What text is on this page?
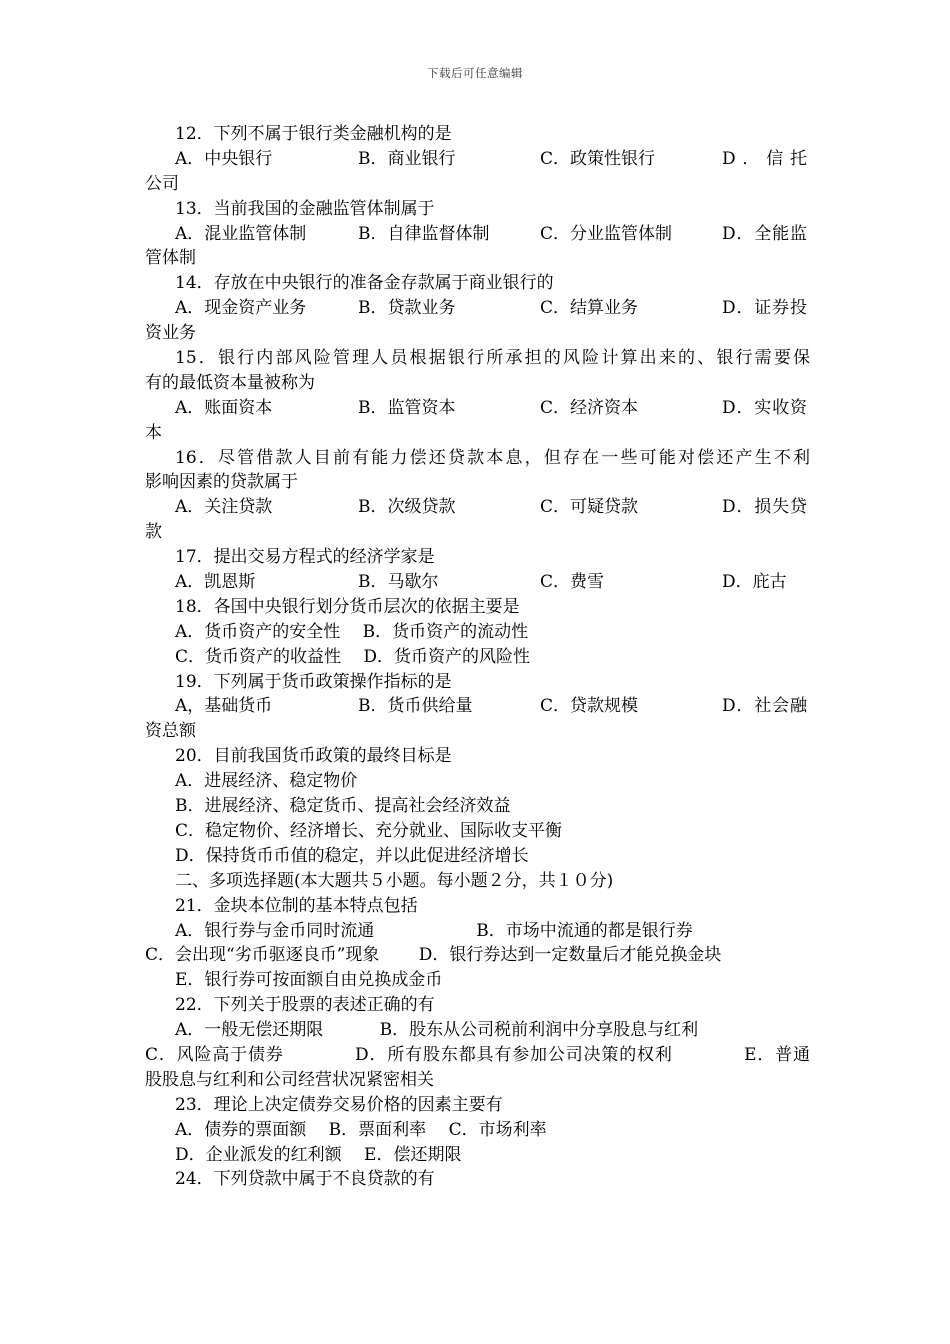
下载后可任意编辑
12．下列不属于银行类金融机构的是
A．中央银行	B．商业银行	C．政策性银行	D．信托
公司
13．当前我国的金融监管体制属于
A．混业监管体制	B．自律监督体制	C．分业监管体制	D．全能监
管体制
14．存放在中央银行的准备金存款属于商业银行的
A．现金资产业务	B．贷款业务	C．结算业务	D．证券投
资业务
15．银行内部风险管理人员根据银行所承担的风险计算出来的、银行需要保
有的最低资本量被称为
A．账面资本	B．监管资本	C．经济资本	D．实收资
本
16．尽管借款人目前有能力偿还贷款本息，但存在一些可能对偿还产生不利
影响因素的贷款属于
A．关注贷款	B．次级贷款	C．可疑贷款	D．损失贷
款
17．提出交易方程式的经济学家是
A．凯恩斯	B．马歇尔	C．费雪	D．庇古
18．各国中央银行划分货币层次的依据主要是
A．货币资产的安全性　 B．货币资产的流动性
C．货币资产的收益性　 D．货币资产的风险性
19．下列属于货币政策操作指标的是
A，基础货币	B．货币供给量	C．贷款规模	D．社会融
资总额
20．目前我国货币政策的最终目标是
A．进展经济、稳定物价
B．进展经济、稳定货币、提高社会经济效益
C．稳定物价、经济增长、充分就业、国际收支平衡
D．保持货币币值的稳定，并以此促进经济增长
二、多项选择题(本大题共５小题。每小题２分，共１０分)
21．金块本位制的基本特点包括
A．银行券与金币同时流通　　　　　　B．市场中流通的都是银行券
C．会出现“劣币驱逐良币”现象　　 D．银行券达到一定数量后才能兑换金块
E．银行券可按面额自由兑换成金币
22．下列关于股票的表述正确的有
A．一般无偿还期限　　　 B．股东从公司税前利润中分享股息与红利
C．风险高于债券　　　　D．所有股东都具有参加公司决策的权利　　　　E．普通
股股息与红利和公司经营状况紧密相关
23．理论上决定债券交易价格的因素主要有
A．债券的票面额　 B．票面利率　 C．市场利率
D．企业派发的红利额　 E．偿还期限
24．下列贷款中属于不良贷款的有
